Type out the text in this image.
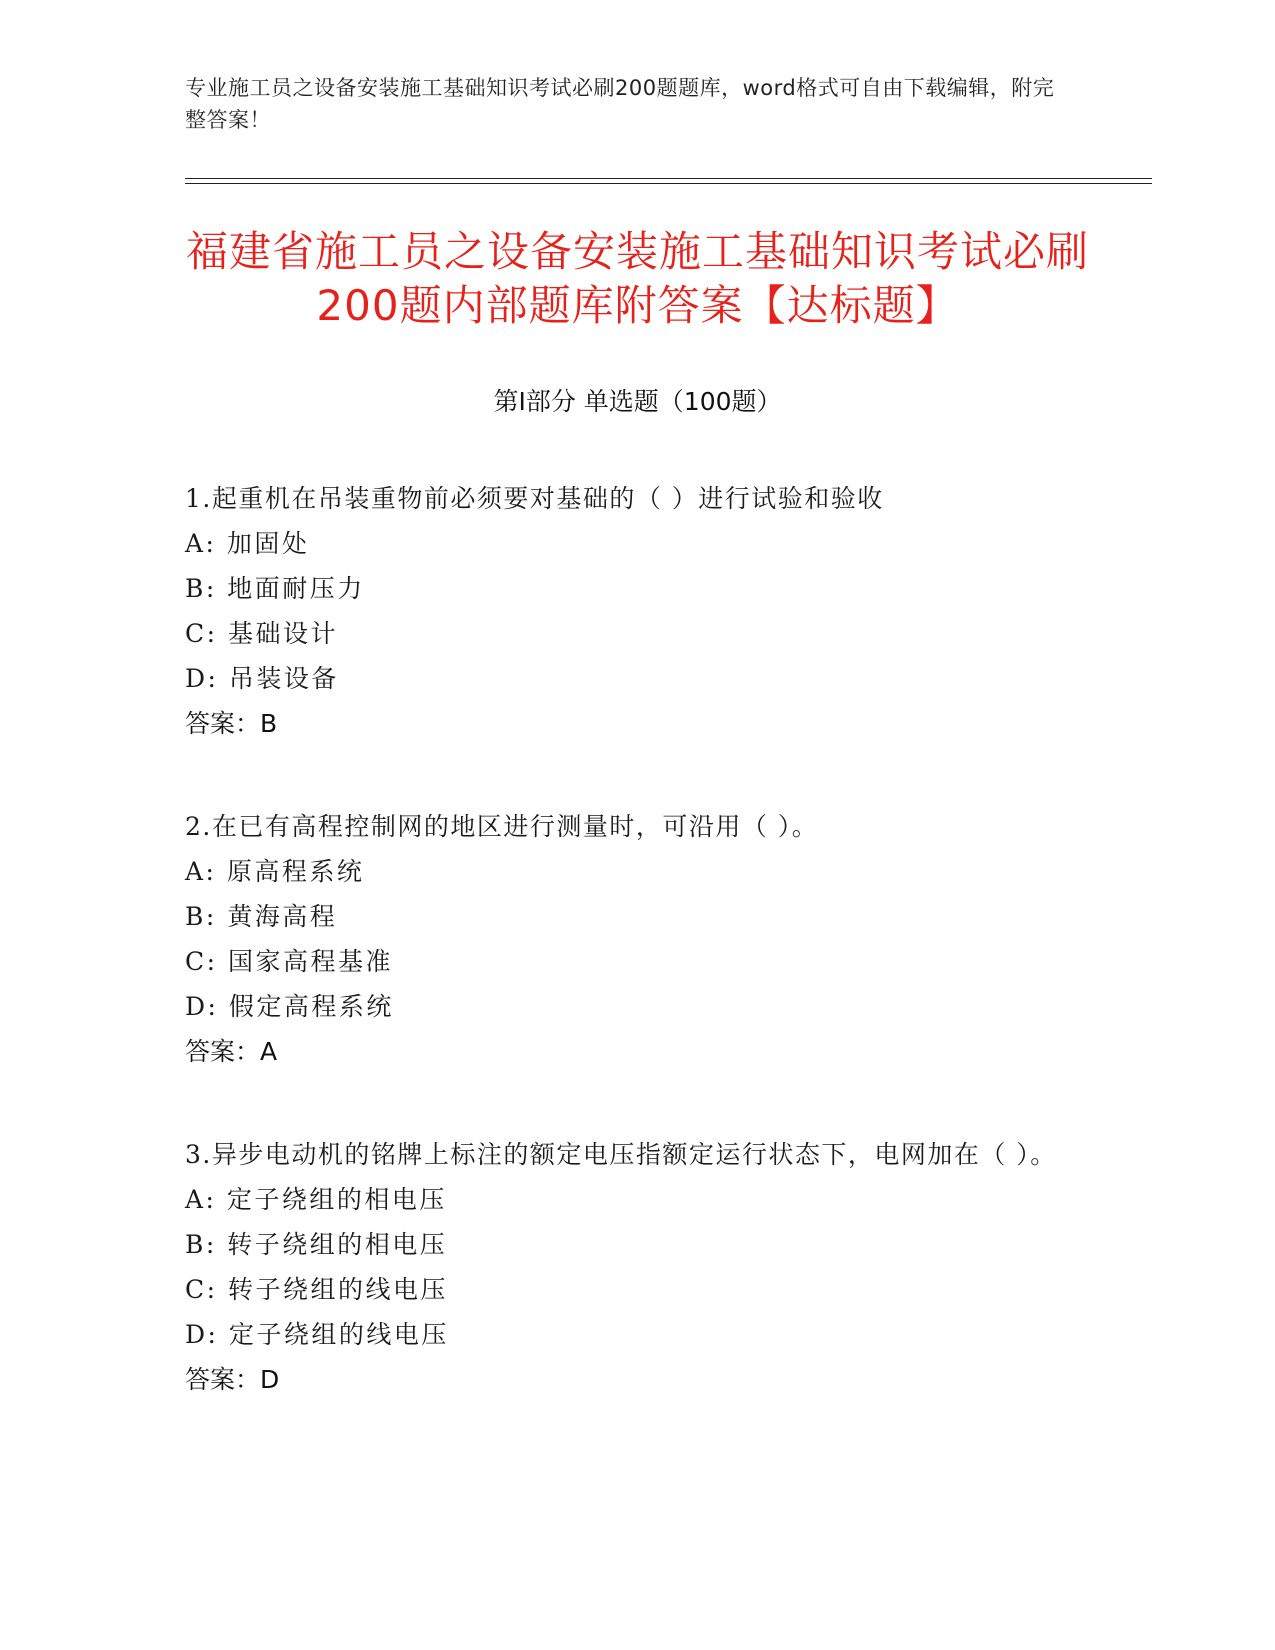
专业施工员之设备安装施工基础知识考试必刷200题题库，word格式可自由下载编辑，附完整答案！
福建省施工员之设备安装施工基础知识考试必刷200题内部题库附答案【达标题】
第Ⅰ部分 单选题（100题）
1.起重机在吊装重物前必须要对基础的（ ）进行试验和验收
A: 加固处
B: 地面耐压力
C: 基础设计
D: 吊装设备
答案：B
2.在已有高程控制网的地区进行测量时，可沿用（ ）。
A: 原高程系统
B: 黄海高程
C: 国家高程基准
D: 假定高程系统
答案：A
3.异步电动机的铭牌上标注的额定电压指额定运行状态下，电网加在（ ）。
A: 定子绕组的相电压
B: 转子绕组的相电压
C: 转子绕组的线电压
D: 定子绕组的线电压
答案：D
